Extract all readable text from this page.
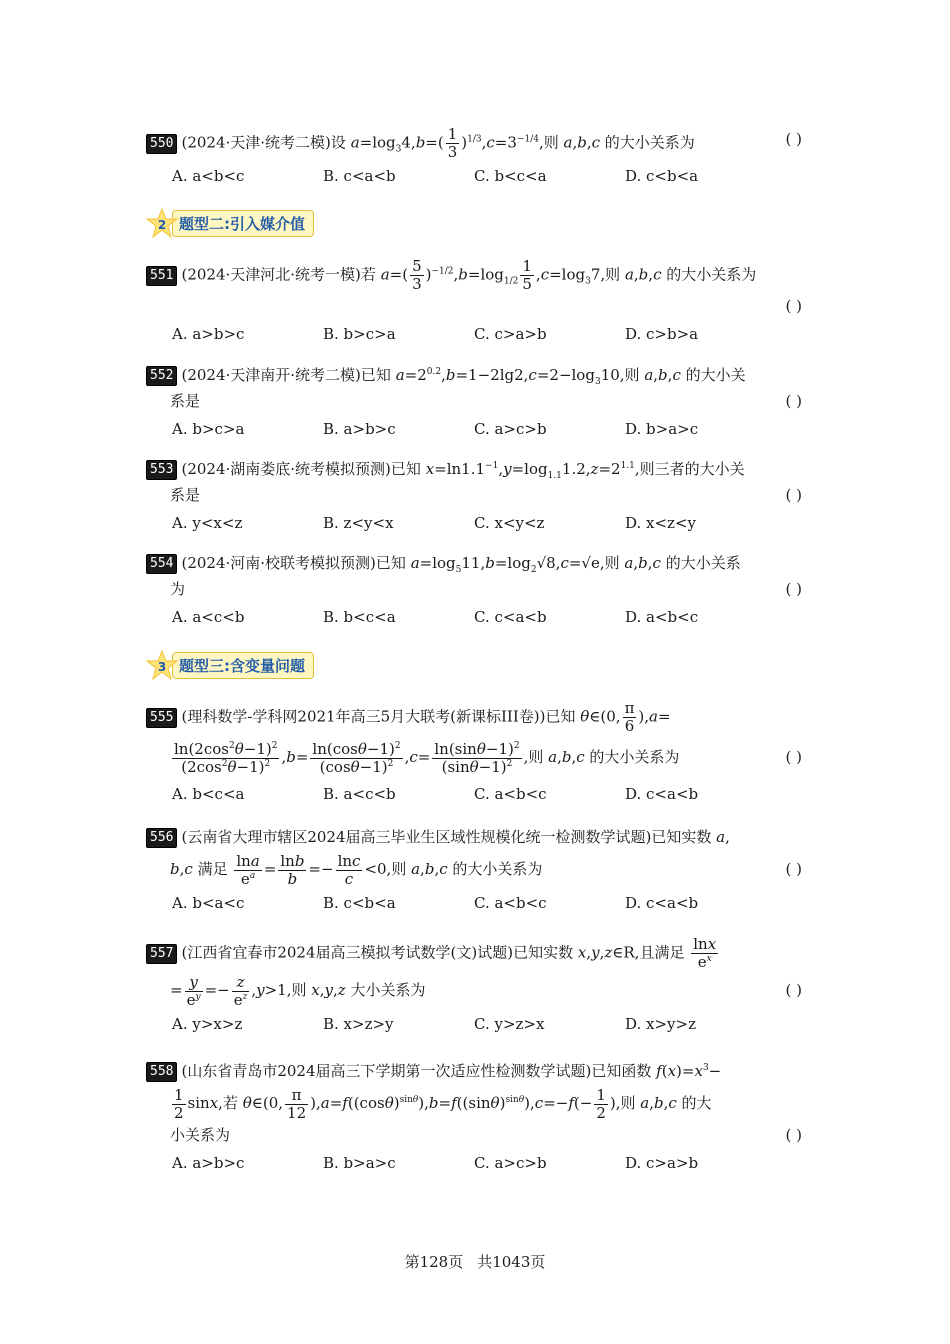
550 (2024·天津·统考二模)设 $a=\log_34,b=( \frac{1}{3} )^{1/3},c=3^{-1/4}$,则 a,b,c 的大小关系为	( )
A. a<b<c	B. c<a<b	C. b<c<a	D. c<b<a
2 题型二:引入媒介值
551 (2024·天津河北·统考一模)若 $a=( \frac{5}{3} )^{-1/2},b=\log_{1/2} \frac{1}{5} ,c=\log_37$,则 a,b,c 的大小关系为
( )

A. a>b>c	B. b>c>a	C. c>a>b	D. c>b>a
552 (2024·天津南开·统考二模)已知 $a=2^{0.2},b=1-2\lg 2,c=2-\log_310$,则 a,b,c 的大小关
系是	( )
A. b>c>a	B. a>b>c	C. a>c>b	D. b>a>c
553 (2024·湖南娄底·统考模拟预测)已知 $x=\ln 1.1^{-1},y=\log_{1.1}1.2,z=2^{1.1}$,则三者的大小关
系是	( )
A. y<x<z	B. z<y<x	C. x<y<z	D. x<z<y
554 (2024·河南·校联考模拟预测)已知 $a=\log_511,b=\log_2√8,c=√e$,则 a,b,c 的大小关系
为	( )
A. a<c<b	B. b<c<a	C. c<a<b	D. a<b<c
3 题型三:含变量问题
555 (理科数学-学科网2021年高三5月大联考(新课标III卷))已知 θ∈(0, $\frac{\pi}{6} ),a=$
$\frac{\ln(2\cos^2\theta-1)^2}{(2\cos^2\theta-1)^2} ,b= \frac{\ln(\cos\theta-1)^2}{(\cos\theta-1)^2} ,c= \frac{\ln(\sin\theta-1)^2}{(\sin\theta-1)^2}$ ,则 a,b,c 的大小关系为	( )
A. b<c<a	B. a<c<b	C. a<b<c	D. c<a<b
556 (云南省大理市辖区2024届高三毕业生区域性规模化统一检测数学试题)已知实数 a,
b,c 满足 $\frac{\ln a}{e^a} = \frac{\ln b}{b} =- \frac{\ln c}{c} <0$,则 a,b,c 的大小关系为	( )
A. b<a<c	B. c<b<a	C. a<b<c	D. c<a<b
557 (江西省宜春市2024届高三模拟考试数学(文)试题)已知实数 x,y,z∈R,且满足 $\frac{\ln x}{e^x}$
= $\frac{y}{e^y} =- \frac{z}{e^z} ,y>1$,则 x,y,z 大小关系为	( )
A. y>x>z	B. x>z>y	C. y>z>x	D. x>y>z
558 (山东省青岛市2024届高三下学期第一次适应性检测数学试题)已知函数 $f(x)=x^3-$
$\frac{1}{2} \sin x$,若 θ∈(0, $\frac{\pi}{12} ),a=f((\cos\theta)^{sin\theta}),b=f((\sin\theta)^{sin\theta}),c=-f(- \frac{1}{2}$ ),则 a,b,c 的大
小关系为	( )
A. a>b>c	B. b>a>c	C. a>c>b	D. c>a>b
第128页 共1043页
